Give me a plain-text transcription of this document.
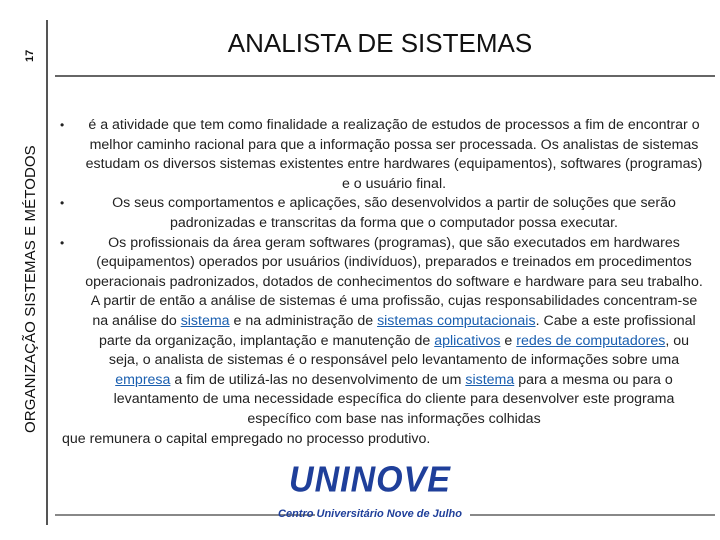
ORGANIZAÇÃO SISTEMAS E MÉTODOS
17	ANALISTA DE SISTEMAS
•	é a atividade que tem como finalidade a realização de estudos de processos a fim de encontrar o melhor caminho racional para que a informação possa ser processada. Os analistas de sistemas estudam os diversos sistemas existentes entre hardwares (equipamentos), softwares (programas) e o usuário final.
•	Os seus comportamentos e aplicações, são desenvolvidos a partir de soluções que serão padronizadas e transcritas da forma que o computador possa executar.
•	Os profissionais da área geram softwares (programas), que são executados em hardwares (equipamentos) operados por usuários (indivíduos), preparados e treinados em procedimentos operacionais padronizados, dotados de conhecimentos do software e hardware para seu trabalho. A partir de então a análise de sistemas é uma profissão, cujas responsabilidades concentram-se na análise do sistema e na administração de sistemas computacionais. Cabe a este profissional parte da organização, implantação e manutenção de aplicativos e redes de computadores, ou seja, o analista de sistemas é o responsável pelo levantamento de informações sobre uma empresa a fim de utilizá-las no desenvolvimento de um sistema para a mesma ou para o levantamento de uma necessidade específica do cliente para desenvolver este programa específico com base nas informações colhidas
que remunera o capital empregado no processo produtivo.
UNINOVE
Centro Universitário Nove de Julho
